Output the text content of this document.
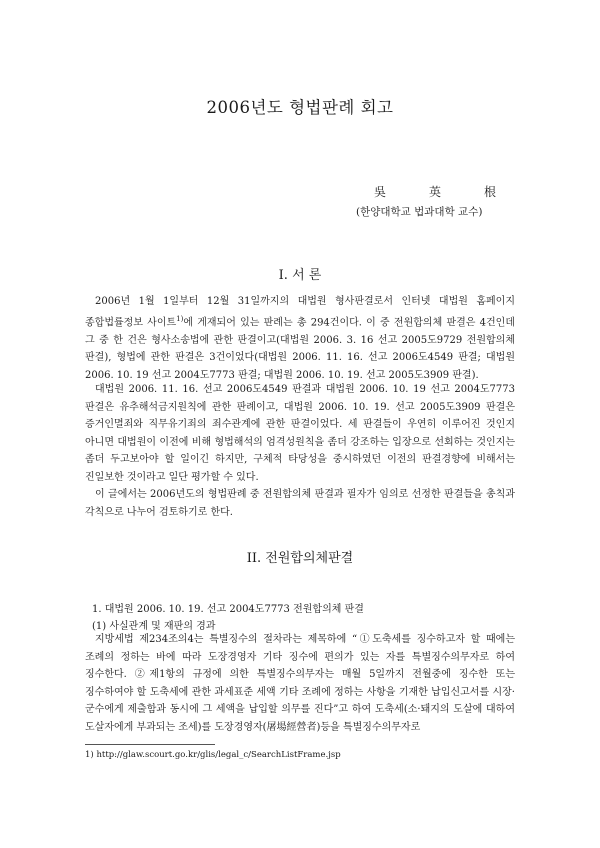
2006년도 형법판례 회고
吳	英	根
(한양대학교 법과대학 교수)
I. 서 론

2006년 1월 1일부터 12월 31일까지의 대법원 형사판결로서 인터넷 대법원 홈페이지 종합법률정보 사이트$^{1)}$에 게재되어 있는 판례는 총 294건이다. 이 중 전원합의체 판결은 4건인데 그 중 한 건은 형사소송법에 관한 판결이고(대법원 2006. 3. 16 선고 2005도9729 전원합의체 판결), 형법에 관한 판결은 3건이었다(대법원 2006. 11. 16. 선고 2006도4549 판결; 대법원 2006. 10. 19 선고 2004도7773 판결; 대법원 2006. 10. 19. 선고 2005도3909 판결).

대법원 2006. 11. 16. 선고 2006도4549 판결과 대법원 2006. 10. 19 선고 2004도7773 판결은 유추해석금지원칙에 관한 판례이고, 대법원 2006. 10. 19. 선고 2005도3909 판결은 증거인멸죄와 직무유기죄의 죄수관계에 관한 판결이었다. 세 판결들이 우연히 이루어진 것인지 아니면 대법원이 이전에 비해 형법해석의 엄격성원칙을 좀더 강조하는 입장으로 선회하는 것인지는 좀더 두고보아야 할 일이긴 하지만, 구체적 타당성을 중시하였던 이전의 판결경향에 비해서는 진일보한 것이라고 일단 평가할 수 있다.

이 글에서는 2006년도의 형법판례 중 전원합의체 판결과 필자가 임의로 선정한 판결들을 총칙과 각칙으로 나누어 검토하기로 한다.

II. 전원합의체판결
1. 대법원 2006. 10. 19. 선고 2004도7773 전원합의체 판결
(1) 사실관계 및 재판의 경과

지방세법 제234조의4는 특별징수의 절차라는 제목하에 “①도축세를 징수하고자 할 때에는 조례의 정하는 바에 따라 도장경영자 기타 징수에 편의가 있는 자를 특별징수의무자로 하여 징수한다. ②제1항의 규정에 의한 특별징수의무자는 매월 5일까지 전월중에 징수한 또는 징수하여야 할 도축세에 관한 과세표준 세액 기타 조례에 정하는 사항을 기재한 납입신고서를 시장·군수에게 제출함과 동시에 그 세액을 납입할 의무를 진다”고 하여 도축세(소·돼지의 도살에 대하여 도살자에게 부과되는 조세)를 도장경영자(屠場經營者)등을 특별징수의무자로

1) http://glaw.scourt.go.kr/glis/legal_c/SearchListFrame.jsp
